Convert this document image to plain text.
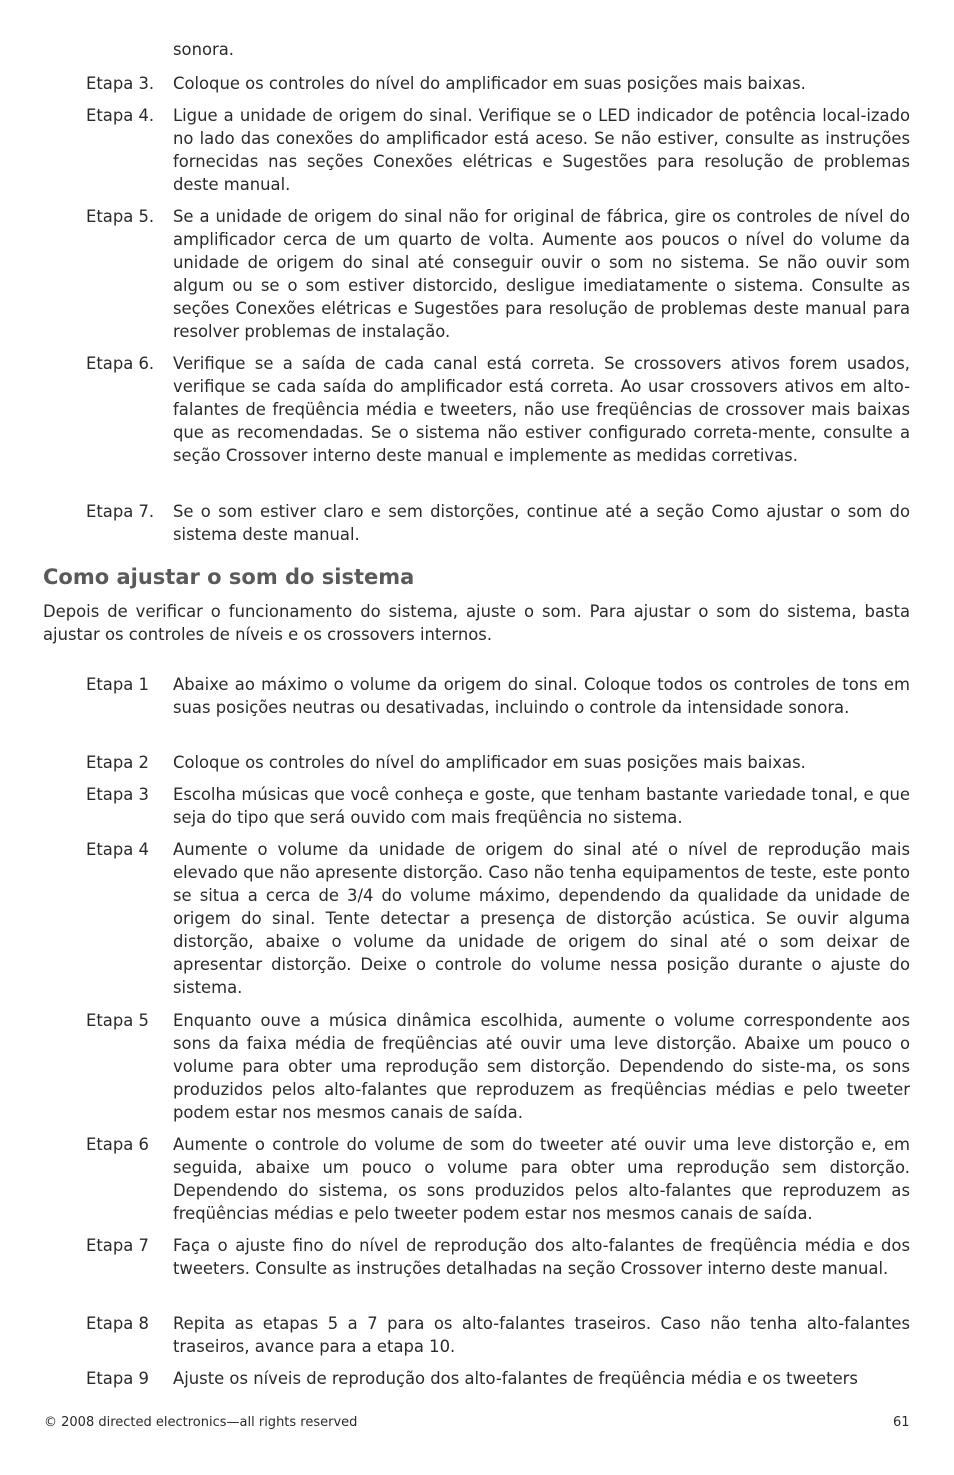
sonora.
Etapa 3. Coloque os controles do nível do amplificador em suas posições mais baixas.
Etapa 4. Ligue a unidade de origem do sinal. Verifique se o LED indicador de potência local-izado no lado das conexões do amplificador está aceso. Se não estiver, consulte as instruções fornecidas nas seções Conexões elétricas e Sugestões para resolução de problemas deste manual.
Etapa 5. Se a unidade de origem do sinal não for original de fábrica, gire os controles de nível do amplificador cerca de um quarto de volta. Aumente aos poucos o nível do volume da unidade de origem do sinal até conseguir ouvir o som no sistema. Se não ouvir som algum ou se o som estiver distorcido, desligue imediatamente o sistema. Consulte as seções Conexões elétricas e Sugestões para resolução de problemas deste manual para resolver problemas de instalação.
Etapa 6. Verifique se a saída de cada canal está correta. Se crossovers ativos forem usados, verifique se cada saída do amplificador está correta. Ao usar crossovers ativos em alto-falantes de freqüência média e tweeters, não use freqüências de crossover mais baixas que as recomendadas. Se o sistema não estiver configurado correta-mente, consulte a seção Crossover interno deste manual e implemente as medidas corretivas.
Etapa 7. Se o som estiver claro e sem distorções, continue até a seção Como ajustar o som do sistema deste manual.
Como ajustar o som do sistema

Depois de verificar o funcionamento do sistema, ajuste o som. Para ajustar o som do sistema, basta ajustar os controles de níveis e os crossovers internos.

Etapa 1 Abaixe ao máximo o volume da origem do sinal. Coloque todos os controles de tons em suas posições neutras ou desativadas, incluindo o controle da intensidade sonora.
Etapa 2 Coloque os controles do nível do amplificador em suas posições mais baixas.
Etapa 3 Escolha músicas que você conheça e goste, que tenham bastante variedade tonal, e que seja do tipo que será ouvido com mais freqüência no sistema.
Etapa 4 Aumente o volume da unidade de origem do sinal até o nível de reprodução mais elevado que não apresente distorção. Caso não tenha equipamentos de teste, este ponto se situa a cerca de 3/4 do volume máximo, dependendo da qualidade da unidade de origem do sinal. Tente detectar a presença de distorção acústica. Se ouvir alguma distorção, abaixe o volume da unidade de origem do sinal até o som deixar de apresentar distorção. Deixe o controle do volume nessa posição durante o ajuste do sistema.
Etapa 5 Enquanto ouve a música dinâmica escolhida, aumente o volume correspondente aos sons da faixa média de freqüências até ouvir uma leve distorção. Abaixe um pouco o volume para obter uma reprodução sem distorção. Dependendo do siste-ma, os sons produzidos pelos alto-falantes que reproduzem as freqüências médias e pelo tweeter podem estar nos mesmos canais de saída.
Etapa 6 Aumente o controle do volume de som do tweeter até ouvir uma leve distorção e, em seguida, abaixe um pouco o volume para obter uma reprodução sem distorção. Dependendo do sistema, os sons produzidos pelos alto-falantes que reproduzem as freqüências médias e pelo tweeter podem estar nos mesmos canais de saída.
Etapa 7 Faça o ajuste fino do nível de reprodução dos alto-falantes de freqüência média e dos tweeters. Consulte as instruções detalhadas na seção Crossover interno deste manual.
Etapa 8 Repita as etapas 5 a 7 para os alto-falantes traseiros. Caso não tenha alto-falantes traseiros, avance para a etapa 10.
Etapa 9 Ajuste os níveis de reprodução dos alto-falantes de freqüência média e os tweeters
© 2008 directed electronics—all rights reserved	61
